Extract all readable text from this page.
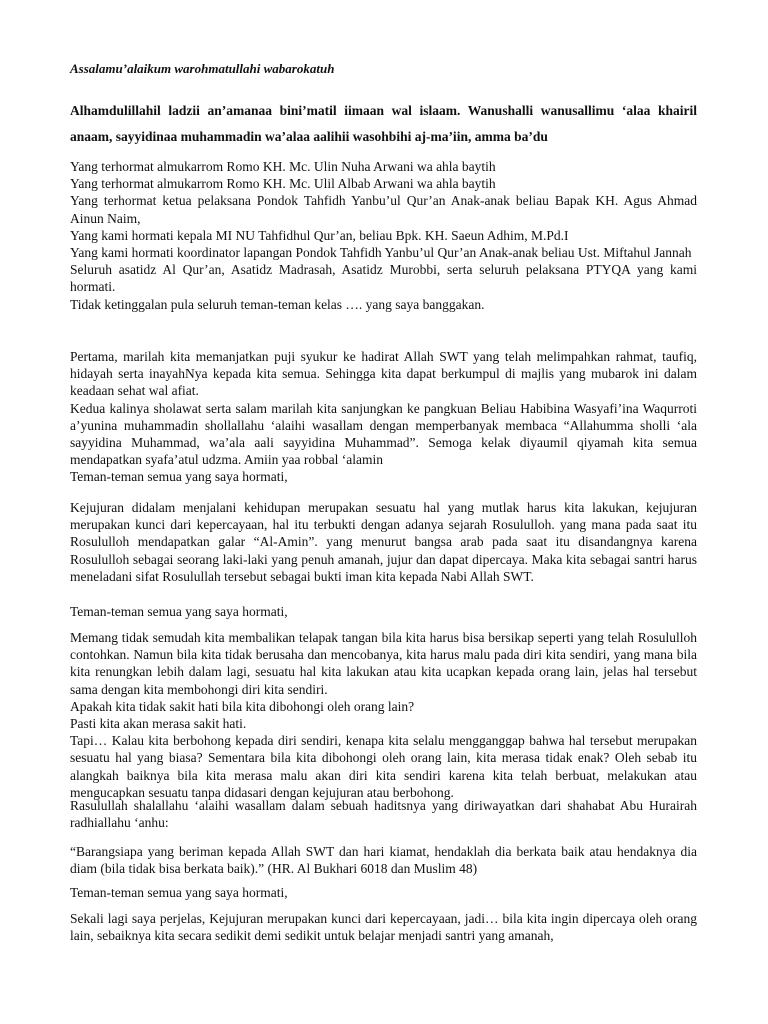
Assalamu’alaikum warohmatullahi wabarokatuh

Alhamdulillahil ladzii an’amanaa bini’matil iimaan wal islaam. Wanushalli wanusallimu ‘alaa khairil anaam, sayyidinaa muhammadin wa’alaa aalihii wasohbihi aj-ma’iin, amma ba’du

Yang terhormat almukarrom Romo KH. Mc. Ulin Nuha Arwani wa ahla baytih
Yang terhormat almukarrom Romo KH. Mc. Ulil Albab Arwani wa ahla baytih
Yang terhormat ketua pelaksana Pondok Tahfidh Yanbu’ul Qur’an Anak-anak beliau Bapak KH. Agus Ahmad Ainun Naim,
Yang kami hormati kepala MI NU Tahfidhul Qur’an, beliau Bpk. KH. Saeun Adhim, M.Pd.I
Yang kami hormati koordinator lapangan Pondok Tahfidh Yanbu’ul Qur’an Anak-anak beliau Ust. Miftahul Jannah
Seluruh asatidz Al Qur’an, Asatidz Madrasah, Asatidz Murobbi, serta seluruh pelaksana PTYQA yang kami hormati.
Tidak ketinggalan pula seluruh teman-teman kelas …. yang saya banggakan.

Pertama, marilah kita memanjatkan puji syukur ke hadirat Allah SWT yang telah melimpahkan rahmat, taufiq, hidayah serta inayahNya kepada kita semua. Sehingga kita dapat berkumpul di majlis yang mubarok ini dalam keadaan sehat wal afiat.

Kedua kalinya sholawat serta salam marilah kita sanjungkan ke pangkuan Beliau Habibina Wasyafi’ina Waqurroti a’yunina muhammadin shollallahu ‘alaihi wasallam dengan memperbanyak membaca “Allahumma sholli ‘ala sayyidina Muhammad, wa’ala aali sayyidina Muhammad”. Semoga kelak diyaumil qiyamah kita semua mendapatkan syafa’atul udzma. Amiin yaa robbal ‘alamin

Teman-teman semua yang saya hormati,

Kejujuran didalam menjalani kehidupan merupakan sesuatu hal yang mutlak harus kita lakukan, kejujuran merupakan kunci dari kepercayaan, hal itu terbukti dengan adanya sejarah Rosululloh. yang mana pada saat itu Rosululloh mendapatkan galar “Al-Amin”. yang menurut bangsa arab pada saat itu disandangnya karena Rosululloh sebagai seorang laki-laki yang penuh amanah, jujur dan dapat dipercaya. Maka kita sebagai santri harus meneladani sifat Rosulullah tersebut sebagai bukti iman kita kepada Nabi Allah SWT.

Teman-teman semua yang saya hormati,

Memang tidak semudah kita membalikan telapak tangan bila kita harus bisa bersikap seperti yang telah Rosululloh contohkan. Namun bila kita tidak berusaha dan mencobanya, kita harus malu pada diri kita sendiri, yang mana bila kita renungkan lebih dalam lagi, sesuatu hal kita lakukan atau kita ucapkan kepada orang lain, jelas hal tersebut sama dengan kita membohongi diri kita sendiri.

Apakah kita tidak sakit hati bila kita dibohongi oleh orang lain?

Pasti kita akan merasa sakit hati.

Tapi… Kalau kita berbohong kepada diri sendiri, kenapa kita selalu mengganggap bahwa hal tersebut merupakan sesuatu hal yang biasa? Sementara bila kita dibohongi oleh orang lain, kita merasa tidak enak? Oleh sebab itu alangkah baiknya bila kita merasa malu akan diri kita sendiri karena kita telah berbuat, melakukan atau mengucapkan sesuatu tanpa didasari dengan kejujuran atau berbohong.

Rasulullah shalallahu ‘alaihi wasallam dalam sebuah haditsnya yang diriwayatkan dari shahabat Abu Hurairah radhiallahu ‘anhu:

“Barangsiapa yang beriman kepada Allah SWT dan hari kiamat, hendaklah dia berkata baik atau hendaknya dia diam (bila tidak bisa berkata baik).” (HR. Al Bukhari 6018 dan Muslim 48)

Teman-teman semua yang saya hormati,

Sekali lagi saya perjelas, Kejujuran merupakan kunci dari kepercayaan, jadi… bila kita ingin dipercaya oleh orang lain, sebaiknya kita secara sedikit demi sedikit untuk belajar menjadi santri yang amanah,
